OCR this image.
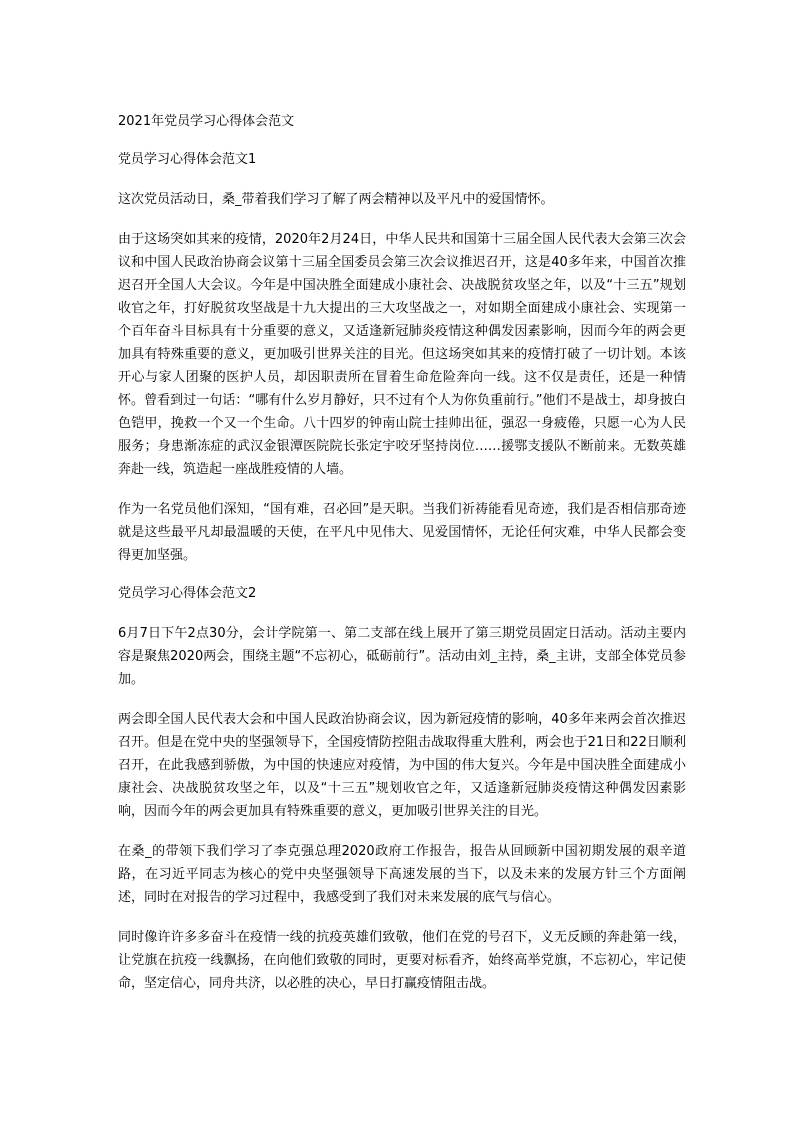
2021年党员学习心得体会范文
党员学习心得体会范文1

这次党员活动日，桑_带着我们学习了解了两会精神以及平凡中的爱国情怀。

由于这场突如其来的疫情，2020年2月24日，中华人民共和国第十三届全国人民代表大会第三次会议和中国人民政治协商会议第十三届全国委员会第三次会议推迟召开，这是40多年来，中国首次推迟召开全国人大会议。今年是中国决胜全面建成小康社会、决战脱贫攻坚之年，以及“十三五”规划收官之年，打好脱贫攻坚战是十九大提出的三大攻坚战之一，对如期全面建成小康社会、实现第一个百年奋斗目标具有十分重要的意义，又适逢新冠肺炎疫情这种偶发因素影响，因而今年的两会更加具有特殊重要的意义，更加吸引世界关注的目光。但这场突如其来的疫情打破了一切计划。本该开心与家人团聚的医护人员，却因职责所在冒着生命危险奔向一线。这不仅是责任，还是一种情怀。曾看到过一句话：“哪有什么岁月静好，只不过有个人为你负重前行。”他们不是战士，却身披白色铠甲，挽救一个又一个生命。八十四岁的钟南山院士挂帅出征，强忍一身疲倦，只愿一心为人民服务；身患渐冻症的武汉金银潭医院院长张定宇咬牙坚持岗位……援鄂支援队不断前来。无数英雄奔赴一线，筑造起一座战胜疫情的人墙。

作为一名党员他们深知，“国有难，召必回”是天职。当我们祈祷能看见奇迹，我们是否相信那奇迹就是这些最平凡却最温暖的天使，在平凡中见伟大、见爱国情怀，无论任何灾难，中华人民都会变得更加坚强。

党员学习心得体会范文2

6月7日下午2点30分，会计学院第一、第二支部在线上展开了第三期党员固定日活动。活动主要内容是聚焦2020两会，围绕主题“不忘初心，砥砺前行”。活动由刘_主持，桑_主讲，支部全体党员参加。

两会即全国人民代表大会和中国人民政治协商会议，因为新冠疫情的影响，40多年来两会首次推迟召开。但是在党中央的坚强领导下，全国疫情防控阻击战取得重大胜利，两会也于21日和22日顺利召开，在此我感到骄傲，为中国的快速应对疫情，为中国的伟大复兴。今年是中国决胜全面建成小康社会、决战脱贫攻坚之年，以及“十三五”规划收官之年，又适逢新冠肺炎疫情这种偶发因素影响，因而今年的两会更加具有特殊重要的意义，更加吸引世界关注的目光。

在桑_的带领下我们学习了李克强总理2020政府工作报告，报告从回顾新中国初期发展的艰辛道路，在习近平同志为核心的党中央坚强领导下高速发展的当下，以及未来的发展方针三个方面阐述，同时在对报告的学习过程中，我感受到了我们对未来发展的底气与信心。

同时像许许多多奋斗在疫情一线的抗疫英雄们致敬，他们在党的号召下，义无反顾的奔赴第一线，让党旗在抗疫一线飘扬，在向他们致敬的同时，更要对标看齐，始终高举党旗，不忘初心，牢记使命，坚定信心，同舟共济，以必胜的决心，早日打赢疫情阻击战。
